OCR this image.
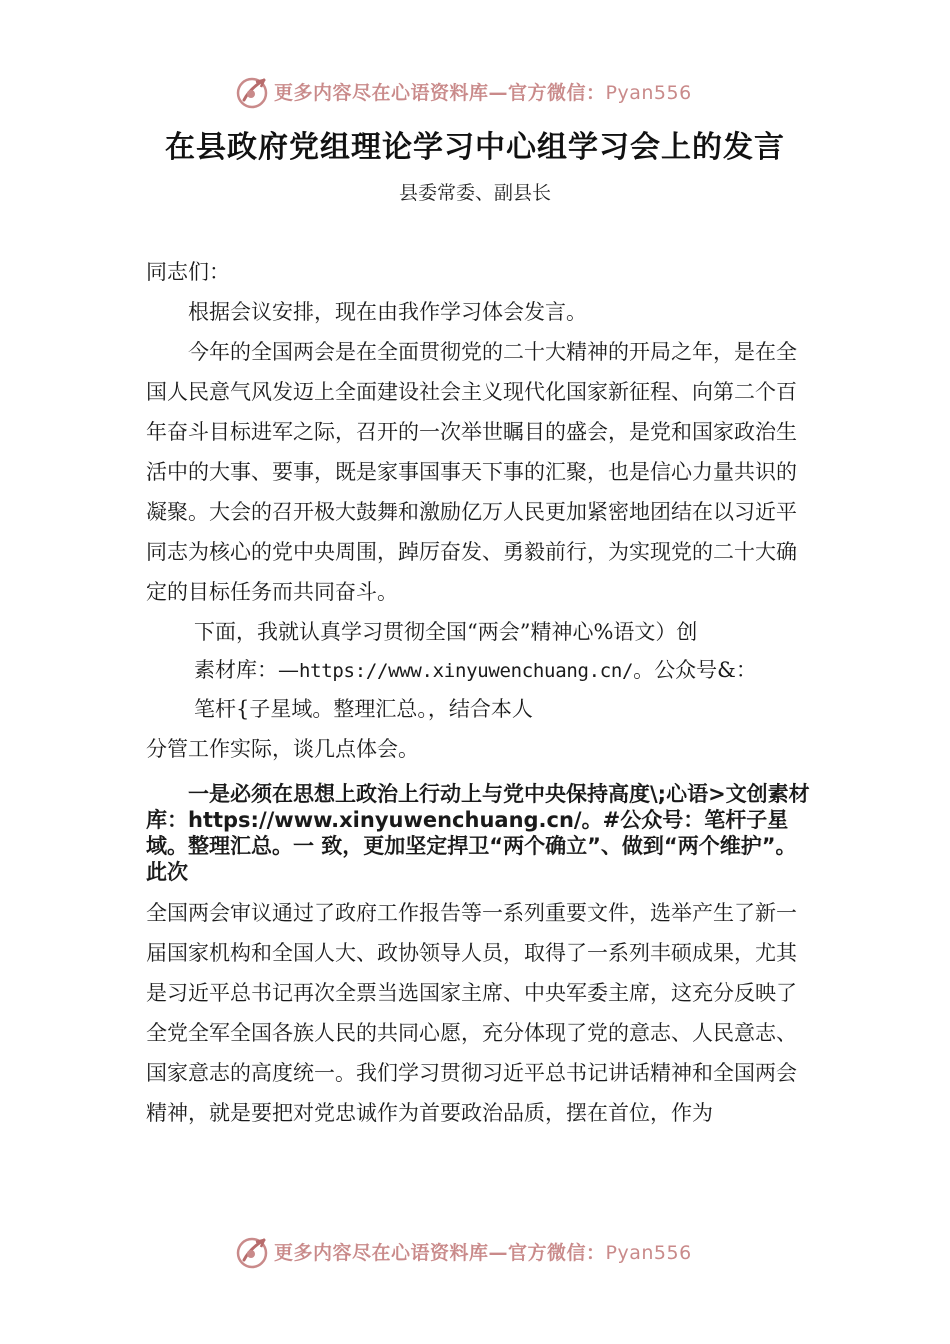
更多内容尽在心语资料库—官方微信：Pyan556
在县政府党组理论学习中心组学习会上的发言
县委常委、副县长

同志们：

根据会议安排，现在由我作学习体会发言。

今年的全国两会是在全面贯彻党的二十大精神的开局之年，是在全国人民意气风发迈上全面建设社会主义现代化国家新征程、向第二个百年奋斗目标进军之际，召开的一次举世瞩目的盛会，是党和国家政治生活中的大事、要事，既是家事国事天下事的汇聚，也是信心力量共识的凝聚。大会的召开极大鼓舞和激励亿万人民更加紧密地团结在以习近平同志为核心的党中央周围，踔厉奋发、勇毅前行，为实现党的二十大确定的目标任务而共同奋斗。

下面，我就认真学习贯彻全国“两会”精神心%语文）创

素材库：—https://www.xinyuwenchuang.cn/。公众号&：

笔杆{子星域。整理汇总。，结合本人

分管工作实际，谈几点体会。

一是必须在思想上政治上行动上与党中央保持高度\;心语>文创素材库：https://www.xinyuwenchuang.cn/。#公众号：笔杆子星域。整理汇总。一 致，更加坚定捍卫“两个确立”、做到“两个维护”。此次

全国两会审议通过了政府工作报告等一系列重要文件，选举产生了新一届国家机构和全国人大、政协领导人员，取得了一系列丰硕成果，尤其是习近平总书记再次全票当选国家主席、中央军委主席，这充分反映了全党全军全国各族人民的共同心愿，充分体现了党的意志、人民意志、国家意志的高度统一。我们学习贯彻习近平总书记讲话精神和全国两会精神，就是要把对党忠诚作为首要政治品质，摆在首位，作为

更多内容尽在心语资料库—官方微信：Pyan556
